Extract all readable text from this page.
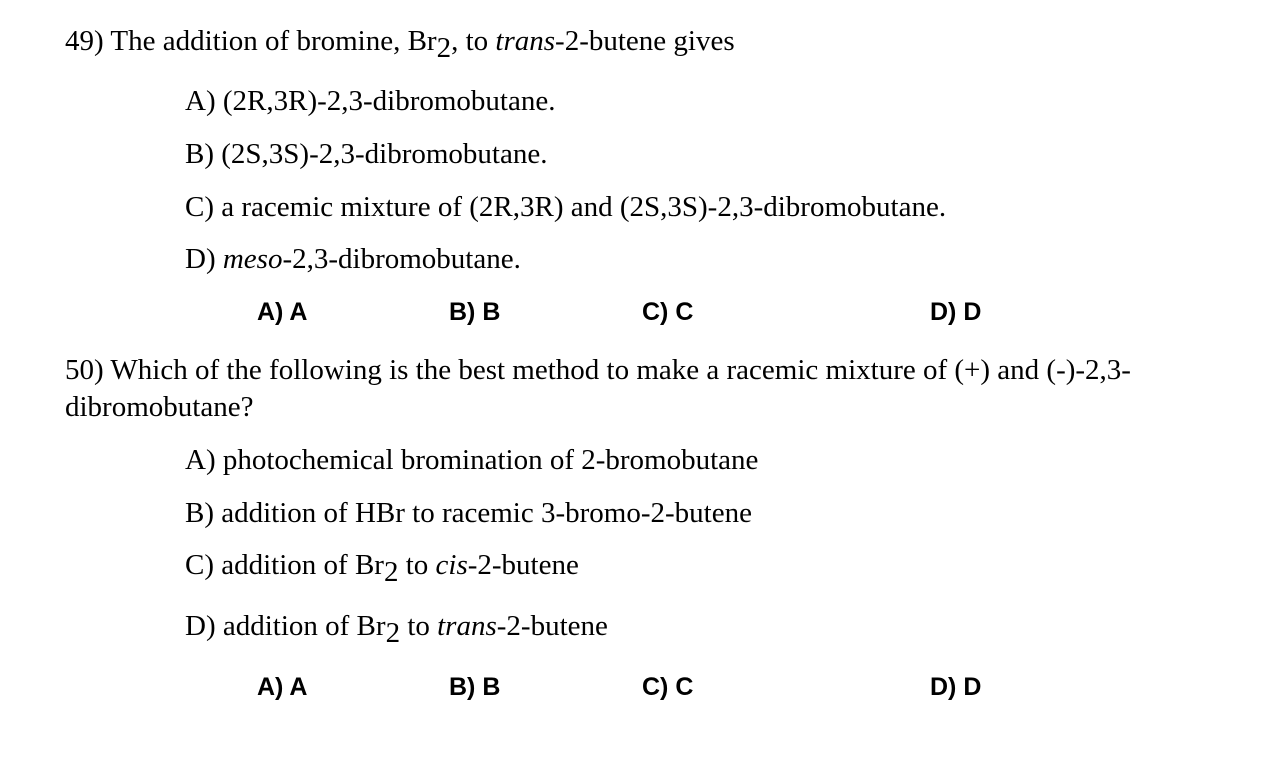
49) The addition of bromine, Br2, to trans-2-butene gives
A) (2R,3R)-2,3-dibromobutane.
B) (2S,3S)-2,3-dibromobutane.
C) a racemic mixture of (2R,3R) and (2S,3S)-2,3-dibromobutane.
D) meso-2,3-dibromobutane.
A) A	B) B	C) C	D) D
50) Which of the following is the best method to make a racemic mixture of (+) and (-)-2,3-
dibromobutane?
A) photochemical bromination of 2-bromobutane
B) addition of HBr to racemic 3-bromo-2-butene
C) addition of Br2 to cis-2-butene
D) addition of Br2 to trans-2-butene
A) A	B) B	C) C	D) D
